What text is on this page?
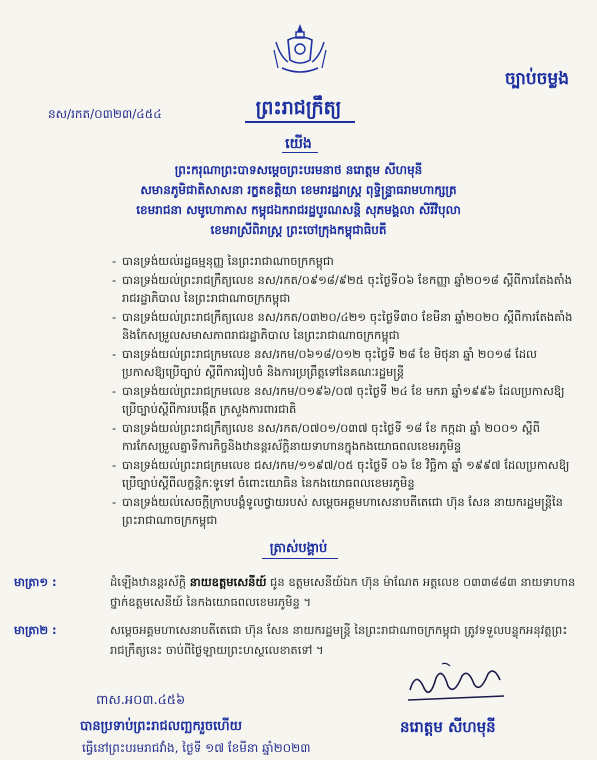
ច្បាប់ចម្លង
នស/រកត/០៣២៣/៤៥៤	ព្រះរាជក្រឹត្យ
យើង
ព្រះករុណាព្រះបាទសម្តេចព្រះបរមនាថ នរោត្តម សីហមុនី
សមានភូមិជាតិសាសនា រក្ខតខត្តិយា ខេមរារដ្ឋរាស្ត្រ ពុទ្ធិន្ទ្រាធរាមហាក្សត្រ
ខេមរាជនា សមូហោភាស កម្ពុជឯករាជរដ្ឋបូរណសន្តិ សុភមង្គលា សិរីវិបុលា
ខេមរាស្រីពិរាស្ត្រ ព្រះចៅក្រុងកម្ពុជាធិបតី
- បានទ្រង់យល់រដ្ឋធម្មនុញ្ញ នៃព្រះរាជាណាចក្រកម្ពុជា
- បានទ្រង់យល់ព្រះរាជក្រឹត្យលេខ នស/រកត/០៩១៨/៩២៥ ចុះថ្ងៃទី០៦ ខែកញ្ញា ឆ្នាំ២០១៨ ស្តីពីការតែងតាំងរាជរដ្ឋាភិបាល នៃព្រះរាជាណាចក្រកម្ពុជា
- បានទ្រង់យល់ព្រះរាជក្រឹត្យលេខ នស/រកត/០៣២០/៤២១ ចុះថ្ងៃទី៣០ ខែមីនា ឆ្នាំ២០២០ ស្តីពីការតែងតាំងនិងកែសម្រួលសមាសភាពរាជរដ្ឋាភិបាល នៃព្រះរាជាណាចក្រកម្ពុជា
- បានទ្រង់យល់ព្រះរាជក្រមលេខ នស/រកម/០៦១៨/០១២ ចុះថ្ងៃទី ២៨ ខែ មិថុនា ឆ្នាំ ២០១៨ ដែលប្រកាសឱ្យប្រើច្បាប់ ស្តីពីការរៀបចំ និងការប្រព្រឹត្តទៅនៃគណៈរដ្ឋមន្ត្រី
- បានទ្រង់យល់ព្រះរាជក្រមលេខ នស/រកម/០១៩៦/០៧ ចុះថ្ងៃទី ២៤ ខែ មករា ឆ្នាំ១៩៩៦ ដែលប្រកាសឱ្យប្រើច្បាប់ស្តីពីការបង្កើត ក្រសួងការពារជាតិ
- បានទ្រង់យល់ព្រះរាជក្រឹត្យលេខ នស/រកត/០៧០១/០៣៧ ចុះថ្ងៃទី ១៨ ខែ កក្កដា ឆ្នាំ ២០០១ ស្តីពីការកែសម្រួលគ្នាទីការកិច្ចនិងឋានន្តរស័ក្តិនាយទាហានក្នុងកងយោធពលខេមរភូមិន្ទ
- បានទ្រង់យល់ព្រះរាជក្រមលេខ ជស/រកម/១១៩៧/០៥ ចុះថ្ងៃទី ០៦ ខែ វិច្ឆិកា ឆ្នាំ ១៩៩៧ ដែលប្រកាសឱ្យប្រើច្បាប់ស្តីពីលក្ខន្តិកៈទូទៅ ចំពោះយោធិន នៃកងយោធពលខេមរភូមិន្ទ
- បានទ្រង់យល់សេចក្តីក្រាបបង្គំទូលថ្វាយរបស់ សម្តេចអគ្គមហាសេនាបតីតេជោ ហ៊ុន សែន នាយករដ្ឋមន្ត្រីនៃព្រះរាជាណាចក្រកម្ពុជា
ត្រាស់បង្គាប់
មាត្រា១ :	ដំឡើងឋានន្តរស័ក្តិ នាយឧត្តមសេនីយ៍ ជូន ឧត្តមសេនីយ៍ឯក ហ៊ុន ម៉ាណែត អត្តលេខ ០៣៣៨៨៣ នាយទាហាន ថ្នាក់ឧត្តមសេនីយ៍ នៃកងយោធពលខេមរភូមិន្ទ ។
មាត្រា២ :	សម្តេចអគ្គមហាសេនាបតីតេជោ ហ៊ុន សែន នាយករដ្ឋមន្ត្រី នៃព្រះរាជាណាចក្រកម្ពុជា ត្រូវទទួលបន្ទុកអនុវត្តព្រះរាជក្រឹត្យនេះ ចាប់ពីថ្ងៃឡាយព្រះហស្ថលេខាតទៅ ។
ពាស.អ០៣.៤៥៦
បានប្រទាប់ព្រះរាជលញ្ឆករួចហើយ
ធ្វើនៅព្រះបរមរាជវាំង, ថ្ងៃទី ១៧ ខែមីនា ឆ្នាំ២០២៣
នរោត្តម សីហមុនី
